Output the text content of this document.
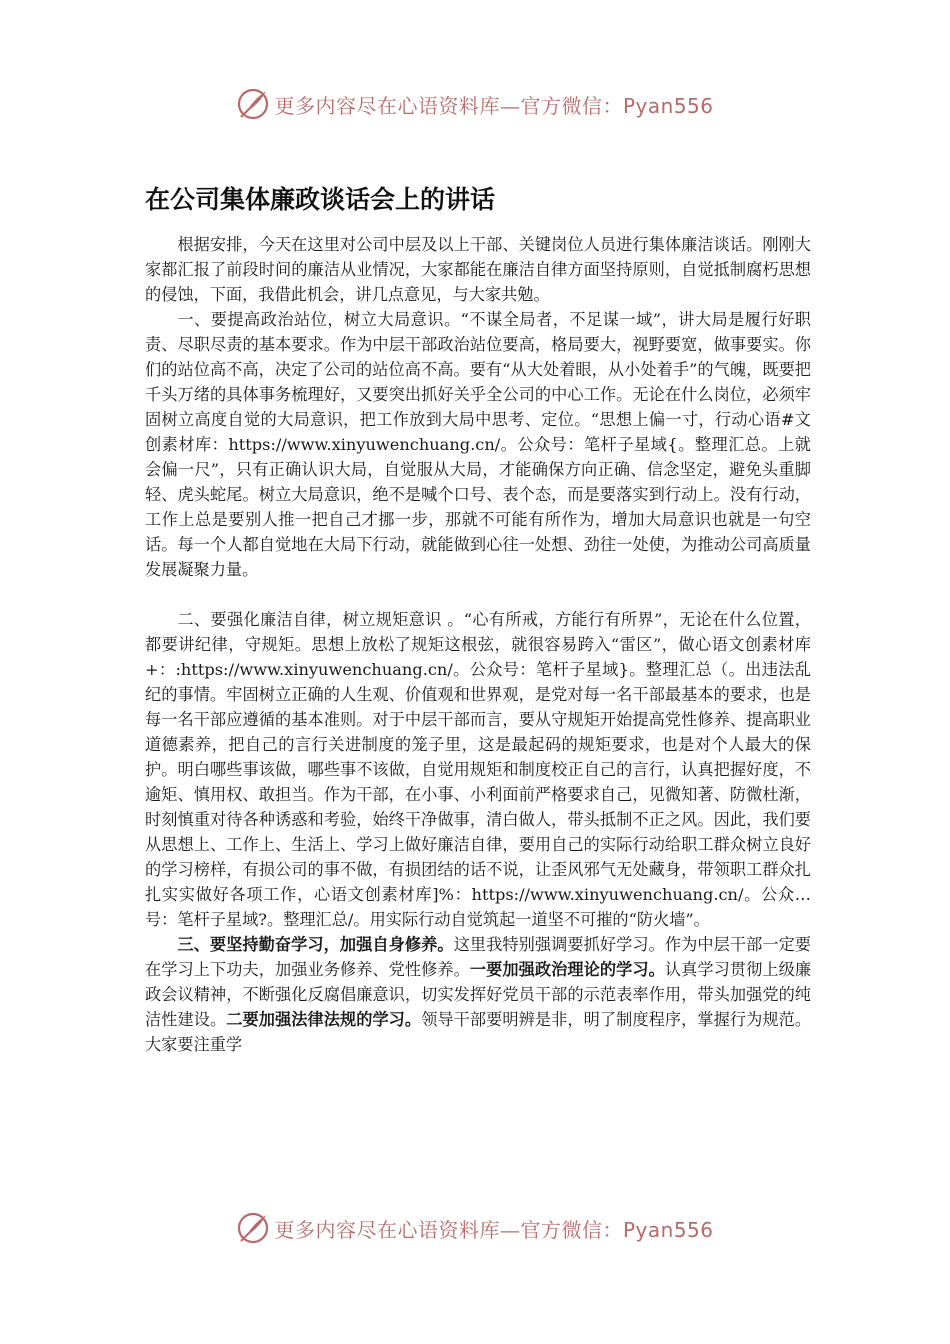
更多内容尽在心语资料库—官方微信：Pyan556
在公司集体廉政谈话会上的讲话

根据安排，今天在这里对公司中层及以上干部、关键岗位人员进行集体廉洁谈话。刚刚大家都汇报了前段时间的廉洁从业情况，大家都能在廉洁自律方面坚持原则，自觉抵制腐朽思想的侵蚀，下面，我借此机会，讲几点意见，与大家共勉。

一、要提高政治站位，树立大局意识。“不谋全局者，不足谋一域”，讲大局是履行好职责、尽职尽责的基本要求。作为中层干部政治站位要高，格局要大，视野要宽，做事要实。你们的站位高不高，决定了公司的站位高不高。要有“从大处着眼，从小处着手”的气魄，既要把千头万绪的具体事务梳理好，又要突出抓好关乎全公司的中心工作。无论在什么岗位，必须牢固树立高度自觉的大局意识，把工作放到大局中思考、定位。“思想上偏一寸，行动心语#文创素材库：https://www.xinyuwenchuang.cn/。公众号：笔杆子星域{。整理汇总。上就会偏一尺”，只有正确认识大局，自觉服从大局，才能确保方向正确、信念坚定，避免头重脚轻、虎头蛇尾。树立大局意识，绝不是喊个口号、表个态，而是要落实到行动上。没有行动，工作上总是要别人推一把自己才挪一步，那就不可能有所作为，增加大局意识也就是一句空话。每一个人都自觉地在大局下行动，就能做到心往一处想、劲往一处使，为推动公司高质量发展凝聚力量。

二、要强化廉洁自律，树立规矩意识 。“心有所戒，方能行有所界”，无论在什么位置，都要讲纪律，守规矩。思想上放松了规矩这根弦，就很容易跨入“雷区”，做心语文创素材库+：:https://www.xinyuwenchuang.cn/。公众号：笔杆子星域}。整理汇总（。出违法乱纪的事情。牢固树立正确的人生观、价值观和世界观，是党对每一名干部最基本的要求，也是每一名干部应遵循的基本准则。对于中层干部而言，要从守规矩开始提高党性修养、提高职业道德素养，把自己的言行关进制度的笼子里，这是最起码的规矩要求，也是对个人最大的保护。明白哪些事该做，哪些事不该做，自觉用规矩和制度校正自己的言行，认真把握好度，不逾矩、慎用权、敢担当。作为干部，在小事、小利面前严格要求自己，见微知著、防微杜渐，时刻慎重对待各种诱惑和考验，始终干净做事，清白做人，带头抵制不正之风。因此，我们要从思想上、工作上、生活上、学习上做好廉洁自律，要用自己的实际行动给职工群众树立良好的学习榜样，有损公司的事不做，有损团结的话不说，让歪风邪气无处藏身，带领职工群众扎扎实实做好各项工作，心语文创素材库]%：https://www.xinyuwenchuang.cn/。公众…号：笔杆子星域?。整理汇总/。用实际行动自觉筑起一道坚不可摧的“防火墙”。

三、要坚持勤奋学习，加强自身修养。这里我特别强调要抓好学习。作为中层干部一定要在学习上下功夫，加强业务修养、党性修养。一要加强政治理论的学习。认真学习贯彻上级廉政会议精神，不断强化反腐倡廉意识，切实发挥好党员干部的示范表率作用，带头加强党的纯洁性建设。二要加强法律法规的学习。领导干部要明辨是非，明了制度程序，掌握行为规范。大家要注重学

更多内容尽在心语资料库—官方微信：Pyan556
